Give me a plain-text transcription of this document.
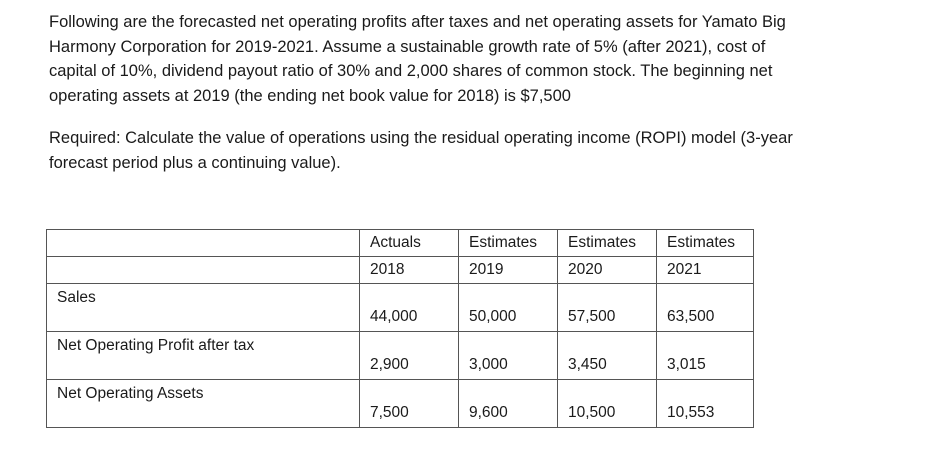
Following are the forecasted net operating profits after taxes and net operating assets for Yamato Big
Harmony Corporation for 2019-2021. Assume a sustainable growth rate of 5% (after 2021), cost of
capital of 10%, dividend payout ratio of 30% and 2,000 shares of common stock. The beginning net
operating assets at 2019 (the ending net book value for 2018) is $7,500
Required: Calculate the value of operations using the residual operating income (ROPI) model (3-year
forecast period plus a continuing value).
	Actuals	Estimates	Estimates	Estimates
	2018	2019	2020	2021

Sales	44,000	50,000	57,500	63,500

Net Operating Profit after tax	2,900	3,000	3,450	3,015

Net Operating Assets	7,500	9,600	10,500	10,553
